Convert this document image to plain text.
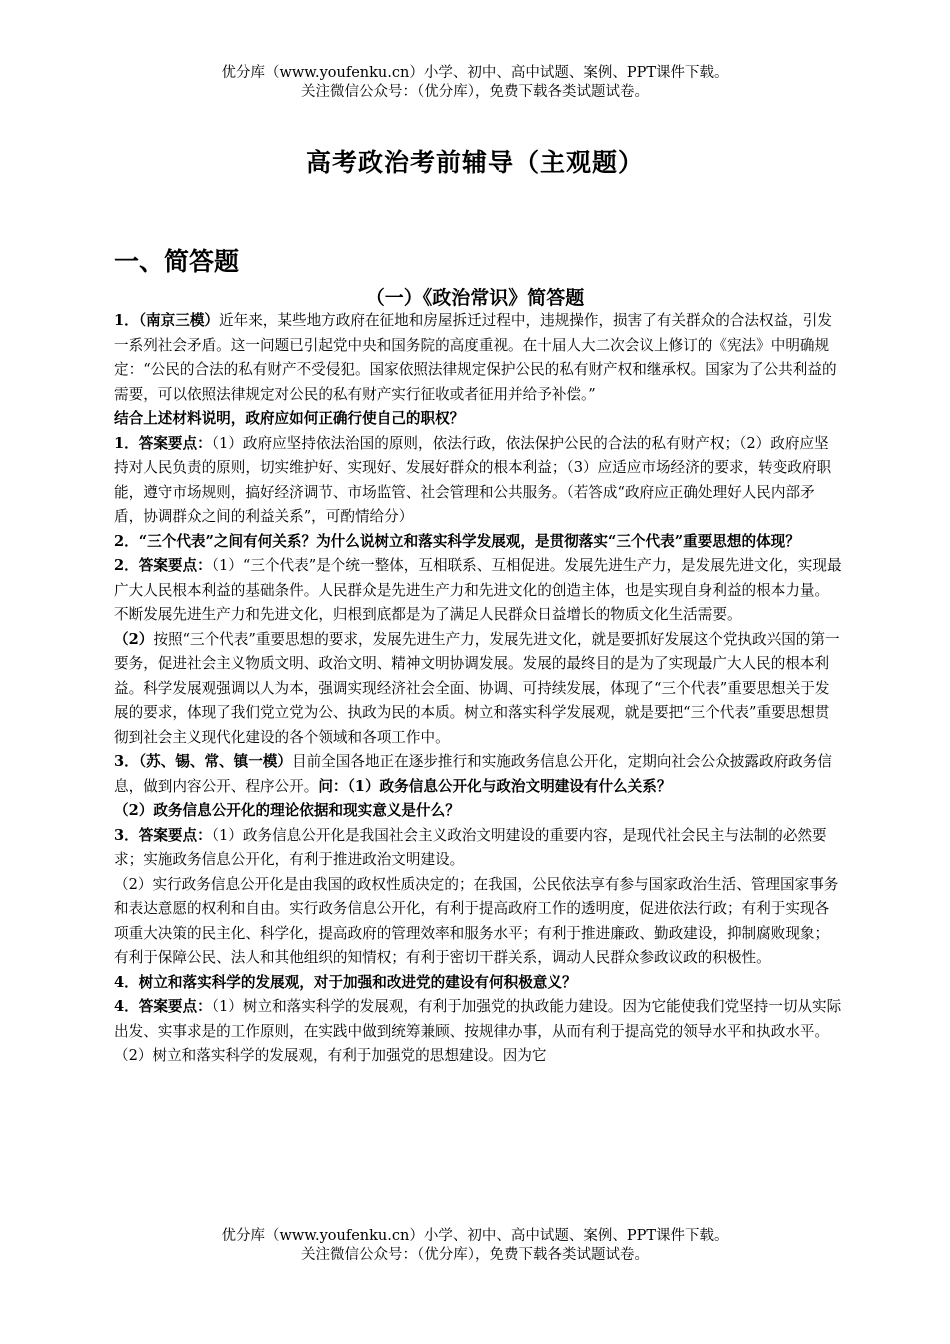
优分库（www.youfenku.cn）小学、初中、高中试题、案例、PPT课件下载。
关注微信公众号：（优分库），免费下载各类试题试卷。
高考政治考前辅导（主观题）
一、简答题
（一）《政治常识》简答题

1．（南京三模）近年来，某些地方政府在征地和房屋拆迁过程中，违规操作，损害了有关群众的合法权益，引发一系列社会矛盾。这一问题已引起党中央和国务院的高度重视。在十届人大二次会议上修订的《宪法》中明确规定：“公民的合法的私有财产不受侵犯。国家依照法律规定保护公民的私有财产权和继承权。国家为了公共利益的需要，可以依照法律规定对公民的私有财产实行征收或者征用并给予补偿。”

结合上述材料说明，政府应如何正确行使自己的职权？

1．答案要点：（1）政府应坚持依法治国的原则，依法行政，依法保护公民的合法的私有财产权；（2）政府应坚持对人民负责的原则，切实维护好、实现好、发展好群众的根本利益；（3）应适应市场经济的要求，转变政府职能，遵守市场规则，搞好经济调节、市场监管、社会管理和公共服务。（若答成“政府应正确处理好人民内部矛盾，协调群众之间的利益关系”，可酌情给分）

2．“三个代表”之间有何关系？为什么说树立和落实科学发展观，是贯彻落实“三个代表”重要思想的体现？

2．答案要点：（1）“三个代表”是个统一整体，互相联系、互相促进。发展先进生产力，是发展先进文化，实现最广大人民根本利益的基础条件。人民群众是先进生产力和先进文化的创造主体，也是实现自身利益的根本力量。不断发展先进生产力和先进文化，归根到底都是为了满足人民群众日益增长的物质文化生活需要。

（2）按照“三个代表”重要思想的要求，发展先进生产力，发展先进文化，就是要抓好发展这个党执政兴国的第一要务，促进社会主义物质文明、政治文明、精神文明协调发展。发展的最终目的是为了实现最广大人民的根本利益。科学发展观强调以人为本，强调实现经济社会全面、协调、可持续发展，体现了“三个代表”重要思想关于发展的要求，体现了我们党立党为公、执政为民的本质。树立和落实科学发展观，就是要把“三个代表”重要思想贯彻到社会主义现代化建设的各个领域和各项工作中。

3．（苏、锡、常、镇一模）目前全国各地正在逐步推行和实施政务信息公开化，定期向社会公众披露政府政务信息，做到内容公开、程序公开。问：（1）政务信息公开化与政治文明建设有什么关系？

（2）政务信息公开化的理论依据和现实意义是什么？

3．答案要点：（1）政务信息公开化是我国社会主义政治文明建设的重要内容，是现代社会民主与法制的必然要求；实施政务信息公开化，有利于推进政治文明建设。

（2）实行政务信息公开化是由我国的政权性质决定的；在我国，公民依法享有参与国家政治生活、管理国家事务和表达意愿的权利和自由。实行政务信息公开化，有利于提高政府工作的透明度，促进依法行政；有利于实现各项重大决策的民主化、科学化，提高政府的管理效率和服务水平；有利于推进廉政、勤政建设，抑制腐败现象；有利于保障公民、法人和其他组织的知情权；有利于密切干群关系，调动人民群众参政议政的积极性。

4．树立和落实科学的发展观，对于加强和改进党的建设有何积极意义？

4．答案要点：（1）树立和落实科学的发展观，有利于加强党的执政能力建设。因为它能使我们党坚持一切从实际出发、实事求是的工作原则，在实践中做到统筹兼顾、按规律办事，从而有利于提高党的领导水平和执政水平。（2）树立和落实科学的发展观，有利于加强党的思想建设。因为它

优分库（www.youfenku.cn）小学、初中、高中试题、案例、PPT课件下载。
关注微信公众号：（优分库），免费下载各类试题试卷。
